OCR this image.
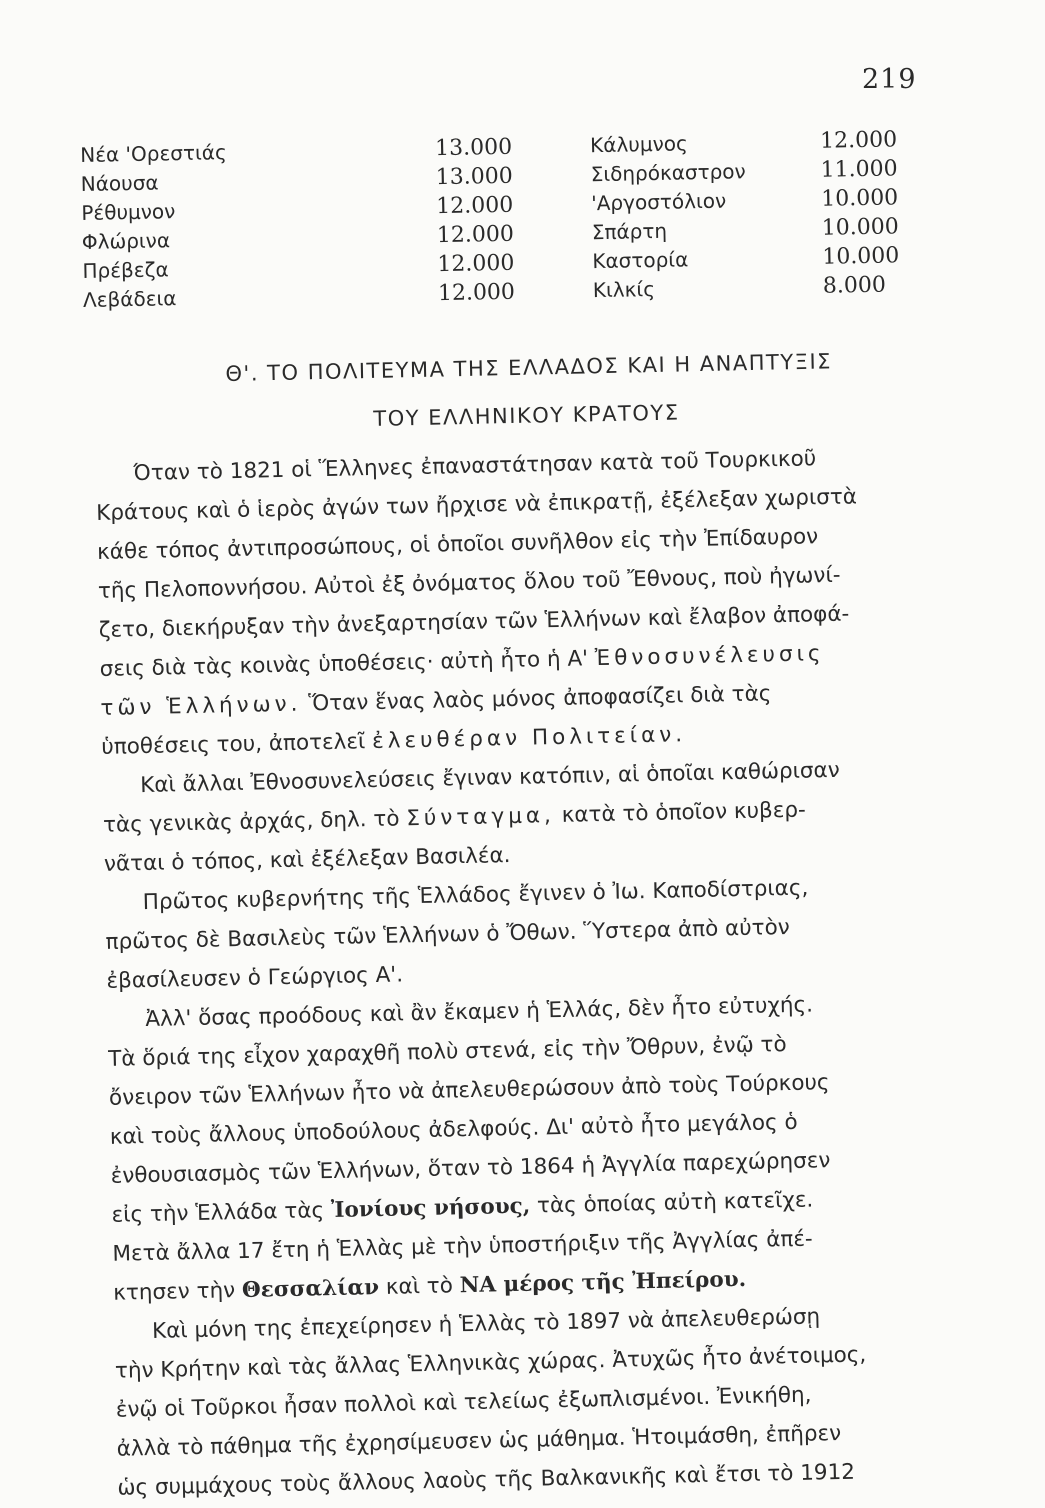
219
Νέα 'Ορεστιάς	13.000	Κάλυμνος	12.000
Νάουσα	13.000	Σιδηρόκαστρον	11.000
Ρέθυμνον	12.000	'Αργοστόλιον	10.000
Φλώρινα	12.000	Σπάρτη	10.000
Πρέβεζα	12.000	Καστορία	10.000
Λεβάδεια	12.000	Κιλκίς	8.000
Θ'. ΤΟ ΠΟΛΙΤΕΥΜΑ ΤΗΣ ΕΛΛΑΔΟΣ ΚΑΙ Η ΑΝΑΠΤΥΞΙΣ
ΤΟΥ ΕΛΛΗΝΙΚΟΥ ΚΡΑΤΟΥΣ
Όταν τὸ 1821 οἱ Ἕλληνες ἐπαναστάτησαν κατὰ τοῦ Τουρκικοῦ
Κράτους καὶ ὁ ἱερὸς ἀγών των ἤρχισε νὰ ἐπικρατῇ, ἐξέλεξαν χωριστὰ
κάθε τόπος ἀντιπροσώπους, οἱ ὁποῖοι συνῆλθον εἰς τὴν Ἐπίδαυρον
τῆς Πελοποννήσου. Αὐτοὶ ἐξ ὀνόματος ὅλου τοῦ Ἔθνους, ποὺ ἠγωνί-
ζετο, διεκήρυξαν τὴν ἀνεξαρτησίαν τῶν Ἑλλήνων καὶ ἔλαβον ἀποφά-
σεις διὰ τὰς κοινὰς ὑποθέσεις· αὐτὴ ἦτο ἡ Α' Ἐθνοσυνέλευσις
τῶν Ἑλλήνων. Ὅταν ἕνας λαὸς μόνος ἀποφασίζει διὰ τὰς
ὑποθέσεις του, ἀποτελεῖ ἐλευθέραν Πολιτείαν.
Καὶ ἄλλαι Ἐθνοσυνελεύσεις ἔγιναν κατόπιν, αἱ ὁποῖαι καθώρισαν
τὰς γενικὰς ἀρχάς, δηλ. τὸ Σύνταγμα, κατὰ τὸ ὁποῖον κυβερ-
νᾶται ὁ τόπος, καὶ ἐξέλεξαν Βασιλέα.
Πρῶτος κυβερνήτης τῆς Ἑλλάδος ἔγινεν ὁ Ἰω. Καποδίστριας,
πρῶτος δὲ Βασιλεὺς τῶν Ἑλλήνων ὁ Ὄθων. Ὕστερα ἀπὸ αὐτὸν
ἐβασίλευσεν ὁ Γεώργιος Α'.
Ἀλλ' ὅσας προόδους καὶ ἂν ἔκαμεν ἡ Ἑλλάς, δὲν ἦτο εὐτυχής.
Τὰ ὅριά της εἶχον χαραχθῆ πολὺ στενά, εἰς τὴν Ὄθρυν, ἐνῷ τὸ
ὄνειρον τῶν Ἑλλήνων ἦτο νὰ ἀπελευθερώσουν ἀπὸ τοὺς Τούρκους
καὶ τοὺς ἄλλους ὑποδούλους ἀδελφούς. Δι' αὐτὸ ἦτο μεγάλος ὁ
ἐνθουσιασμὸς τῶν Ἑλλήνων, ὅταν τὸ 1864 ἡ Ἀγγλία παρεχώρησεν
εἰς τὴν Ἑλλάδα τὰς Ἰονίους νήσους, τὰς ὁποίας αὐτὴ κατεῖχε.
Μετὰ ἄλλα 17 ἔτη ἡ Ἑλλὰς μὲ τὴν ὑποστήριξιν τῆς Ἀγγλίας ἀπέ-
κτησεν τὴν Θεσσαλίαν καὶ τὸ ΝΑ μέρος τῆς Ἠπείρου.
Καὶ μόνη της ἐπεχείρησεν ἡ Ἑλλὰς τὸ 1897 νὰ ἀπελευθερώσῃ
τὴν Κρήτην καὶ τὰς ἄλλας Ἑλληνικὰς χώρας. Ἀτυχῶς ἦτο ἀνέτοιμος,
ἐνῷ οἱ Τοῦρκοι ἦσαν πολλοὶ καὶ τελείως ἐξωπλισμένοι. Ἐνικήθη,
ἀλλὰ τὸ πάθημα τῆς ἐχρησίμευσεν ὡς μάθημα. Ἡτοιμάσθη, ἐπῆρεν
ὡς συμμάχους τοὺς ἄλλους λαοὺς τῆς Βαλκανικῆς καὶ ἔτσι τὸ 1912
